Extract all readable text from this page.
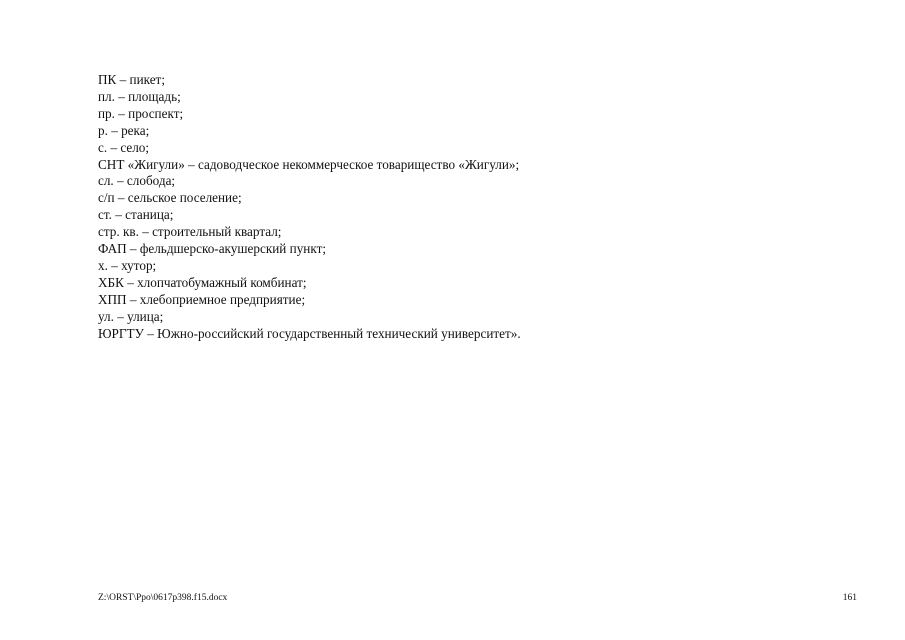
ПК – пикет;
пл. – площадь;
пр. – проспект;
р. – река;
с. – село;
СНТ «Жигули» – садоводческое некоммерческое товарищество «Жигули»;
сл. – слобода;
с/п – сельское поселение;
ст. – станица;
стр. кв. – строительный квартал;
ФАП – фельдшерско-акушерский пункт;
х. – хутор;
ХБК – хлопчатобумажный комбинат;
ХПП – хлебоприемное предприятие;
ул. – улица;
ЮРГТУ – Южно-российский государственный технический университет».
Z:\ORST\Ppo\0617p398.f15.docx	161
